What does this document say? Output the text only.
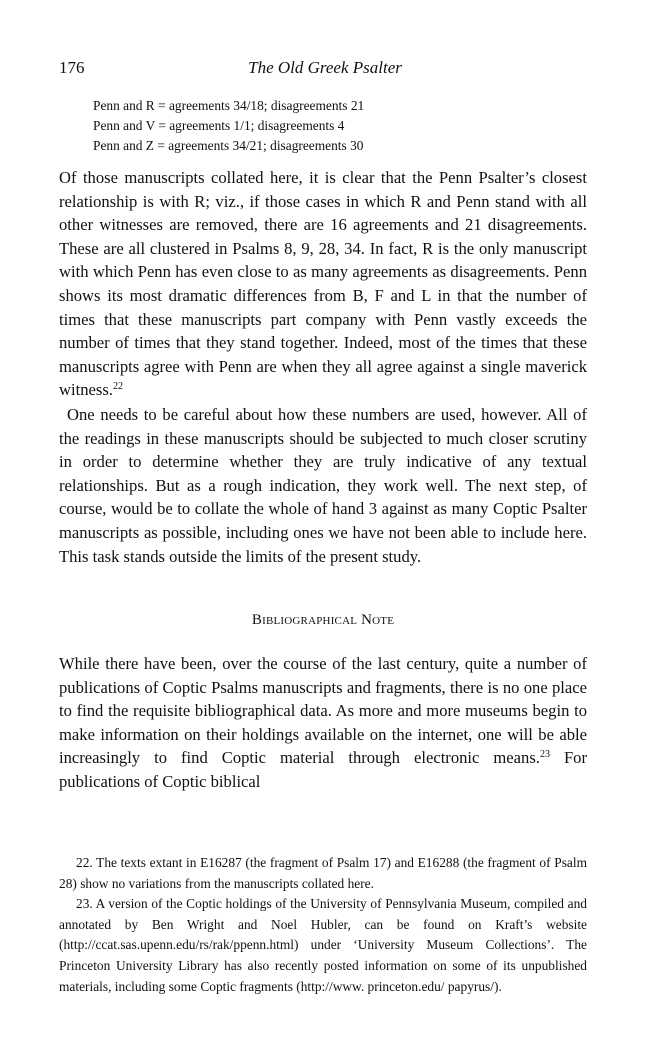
176	The Old Greek Psalter
Penn and R = agreements 34/18; disagreements 21
Penn and V = agreements 1/1; disagreements 4
Penn and Z = agreements 34/21; disagreements 30

Of those manuscripts collated here, it is clear that the Penn Psalter’s closest relationship is with R; viz., if those cases in which R and Penn stand with all other witnesses are removed, there are 16 agreements and 21 disagreements. These are all clustered in Psalms 8, 9, 28, 34. In fact, R is the only manuscript with which Penn has even close to as many agreements as disagreements. Penn shows its most dramatic differences from B, F and L in that the number of times that these manuscripts part company with Penn vastly exceeds the number of times that they stand together. Indeed, most of the times that these manuscripts agree with Penn are when they all agree against a single maverick witness.$^{22}$

One needs to be careful about how these numbers are used, however. All of the readings in these manuscripts should be subjected to much closer scrutiny in order to determine whether they are truly indicative of any textual relationships. But as a rough indication, they work well. The next step, of course, would be to collate the whole of hand 3 against as many Coptic Psalter manuscripts as possible, including ones we have not been able to include here. This task stands outside the limits of the present study.

Bibliographical Note

While there have been, over the course of the last century, quite a number of publications of Coptic Psalms manuscripts and fragments, there is no one place to find the requisite bibliographical data. As more and more museums begin to make information on their holdings available on the internet, one will be able increasingly to find Coptic material through electronic means.$^{23}$ For publications of Coptic biblical

22. The texts extant in E16287 (the fragment of Psalm 17) and E16288 (the fragment of Psalm 28) show no variations from the manuscripts collated here.

23. A version of the Coptic holdings of the University of Pennsylvania Museum, compiled and annotated by Ben Wright and Noel Hubler, can be found on Kraft’s website (http://ccat.sas.upenn.edu/rs/rak/ppenn.html) under ‘University Museum Collections’. The Princeton University Library has also recently posted information on some of its unpublished materials, including some Coptic fragments (http://www. princeton.edu/ papyrus/).
